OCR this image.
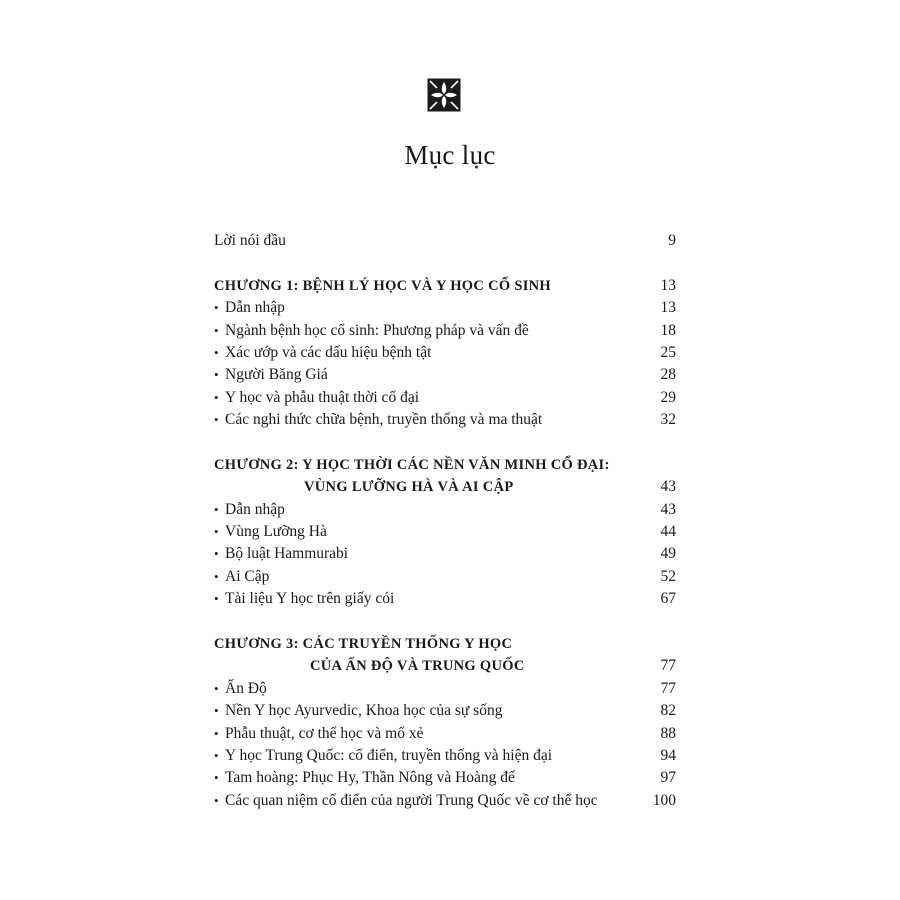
Mục lục
Lời nói đầu	9
CHƯƠNG 1: BỆNH LÝ HỌC VÀ Y HỌC CỔ SINH	13
• Dẫn nhập	13
• Ngành bệnh học cổ sinh: Phương pháp và vấn đề	18
• Xác ướp và các dấu hiệu bệnh tật	25
• Người Băng Giá	28
• Y học và phẫu thuật thời cổ đại	29
• Các nghi thức chữa bệnh, truyền thống và ma thuật	32
CHƯƠNG 2: Y HỌC THỜI CÁC NỀN VĂN MINH CỔ ĐẠI:
VÙNG LƯỠNG HÀ VÀ AI CẬP	43
• Dẫn nhập	43
• Vùng Lưỡng Hà	44
• Bộ luật Hammurabi	49
• Ai Cập	52
• Tài liệu Y học trên giấy cói	67
CHƯƠNG 3: CÁC TRUYỀN THỐNG Y HỌC
CỦA ẤN ĐỘ VÀ TRUNG QUỐC	77
• Ấn Độ	77
• Nền Y học Ayurvedic, Khoa học của sự sống	82
• Phẫu thuật, cơ thể học và mổ xẻ	88
• Y học Trung Quốc: cổ điển, truyền thống và hiện đại	94
• Tam hoàng: Phục Hy, Thần Nông và Hoàng đế	97
• Các quan niệm cổ điển của người Trung Quốc về cơ thể học	100
